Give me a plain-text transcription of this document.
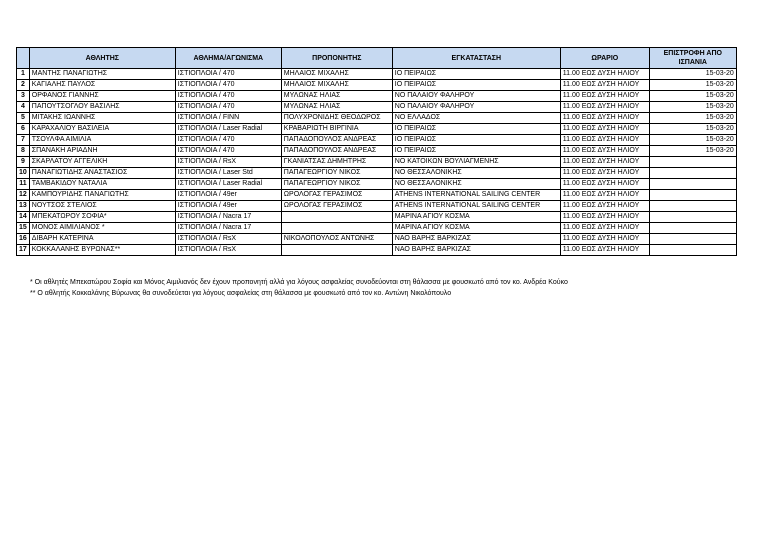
	ΑΘΛΗΤΗΣ	ΑΘΛΗΜΑ/ΑΓΩΝΙΣΜΑ	ΠΡΟΠΟΝΗΤΗΣ	ΕΓΚΑΤΑΣΤΑΣΗ	ΩΡΑΡΙΟ	ΕΠΙΣΤΡΟΦΗ ΑΠΟ
ΙΣΠΑΝΙΑ
1	ΜΑΝΤΗΣ ΠΑΝΑΓΙΩΤΗΣ	ΙΣΤΙΟΠΛΟΙΑ / 470	ΜΗΛΑΙΟΣ ΜΙΧΑΛΗΣ	ΙΟ ΠΕΙΡΑΙΩΣ	11.00 ΕΩΣ ΔΥΣΗ ΗΛΙΟΥ	15-03-20
2	ΚΑΓΙΑΛΗΣ ΠΑΥΛΟΣ	ΙΣΤΙΟΠΛΟΙΑ / 470	ΜΗΛΑΙΟΣ ΜΙΧΑΛΗΣ	ΙΟ ΠΕΙΡΑΙΩΣ	11.00 ΕΩΣ ΔΥΣΗ ΗΛΙΟΥ	15-03-20
3	ΟΡΦΑΝΟΣ ΓΙΑΝΝΗΣ	ΙΣΤΙΟΠΛΟΙΑ / 470	ΜΥΛΩΝΑΣ ΗΛΙΑΣ	ΝΟ ΠΑΛΑΙΟΥ ΦΑΛΗΡΟΥ	11.00 ΕΩΣ ΔΥΣΗ ΗΛΙΟΥ	15-03-20
4	ΠΑΠΟΥΤΣΟΓΛΟΥ ΒΑΣΙΛΗΣ	ΙΣΤΙΟΠΛΟΙΑ / 470	ΜΥΛΩΝΑΣ ΗΛΙΑΣ	ΝΟ ΠΑΛΑΙΟΥ ΦΑΛΗΡΟΥ	11.00 ΕΩΣ ΔΥΣΗ ΗΛΙΟΥ	15-03-20
5	ΜΙΤΑΚΗΣ ΙΩΑΝΝΗΣ	ΙΣΤΙΟΠΛΟΙΑ / FINN	ΠΟΛΥΧΡΟΝΙΔΗΣ ΘΕΟΔΩΡΟΣ	ΝΟ ΕΛΛΑΔΟΣ	11.00 ΕΩΣ ΔΥΣΗ ΗΛΙΟΥ	15-03-20
6	ΚΑΡΑΧΑΛΙΟΥ ΒΑΣΙΛΕΙΑ	ΙΣΤΙΟΠΛΟΙΑ / Laser Radial	ΚΡΑΒΑΡΙΩΤΗ ΒΙΡΓΙΝΙΑ	ΙΟ ΠΕΙΡΑΙΩΣ	11.00 ΕΩΣ ΔΥΣΗ ΗΛΙΟΥ	15-03-20
7	ΤΣΟΥΛΦΑ ΑΙΜΙΛΙΑ	ΙΣΤΙΟΠΛΟΙΑ / 470	ΠΑΠΑΔΟΠΟΥΛΟΣ ΑΝΔΡΕΑΣ	ΙΟ ΠΕΙΡΑΙΩΣ	11.00 ΕΩΣ ΔΥΣΗ ΗΛΙΟΥ	15-03-20
8	ΣΠΑΝΑΚΗ ΑΡΙΑΔΝΗ	ΙΣΤΙΟΠΛΟΙΑ / 470	ΠΑΠΑΔΟΠΟΥΛΟΣ ΑΝΔΡΕΑΣ	ΙΟ ΠΕΙΡΑΙΩΣ	11.00 ΕΩΣ ΔΥΣΗ ΗΛΙΟΥ	15-03-20
9	ΣΚΑΡΛΑΤΟΥ ΑΓΓΕΛΙΚΗ	ΙΣΤΙΟΠΛΟΙΑ / RsX	ΓΚΑΝΙΑΤΣΑΣ ΔΗΜΗΤΡΗΣ	ΝΟ ΚΑΤΟΙΚΩΝ ΒΟΥΛΙΑΓΜΕΝΗΣ	11.00 ΕΩΣ ΔΥΣΗ ΗΛΙΟΥ	
10	ΠΑΝΑΓΙΩΤΙΔΗΣ ΑΝΑΣΤΑΣΙΟΣ	ΙΣΤΙΟΠΛΟΙΑ / Laser Std	ΠΑΠΑΓΕΩΡΓΙΟΥ ΝΙΚΟΣ	ΝΟ ΘΕΣΣΑΛΟΝΙΚΗΣ	11.00 ΕΩΣ ΔΥΣΗ ΗΛΙΟΥ	
11	ΤΑΜΒΑΚΙΔΟΥ ΝΑΤΑΛΙΑ	ΙΣΤΙΟΠΛΟΙΑ / Laser Radial	ΠΑΠΑΓΕΩΡΓΙΟΥ ΝΙΚΟΣ	ΝΟ ΘΕΣΣΑΛΟΝΙΚΗΣ	11.00 ΕΩΣ ΔΥΣΗ ΗΛΙΟΥ	
12	ΚΑΜΠΟΥΡΙΔΗΣ ΠΑΝΑΓΙΩΤΗΣ	ΙΣΤΙΟΠΛΟΙΑ / 49er	ΩΡΟΛΟΓΑΣ ΓΕΡΑΣΙΜΟΣ	ATHENS INTERNATIONAL SAILING CENTER	11.00 ΕΩΣ ΔΥΣΗ ΗΛΙΟΥ	
13	ΝΟΥΤΣΟΣ ΣΤΕΛΙΟΣ	ΙΣΤΙΟΠΛΟΙΑ / 49er	ΩΡΟΛΟΓΑΣ ΓΕΡΑΣΙΜΟΣ	ATHENS INTERNATIONAL SAILING CENTER	11.00 ΕΩΣ ΔΥΣΗ ΗΛΙΟΥ	
14	ΜΠΕΚΑΤΩΡΟΥ ΣΟΦΙΑ*	ΙΣΤΙΟΠΛΟΙΑ / Nacra 17		ΜΑΡΙΝΑ ΑΓΙΟΥ ΚΟΣΜΑ	11.00 ΕΩΣ ΔΥΣΗ ΗΛΙΟΥ	
15	ΜΟΝΟΣ ΑΙΜΙΛΙΑΝΟΣ *	ΙΣΤΙΟΠΛΟΙΑ / Nacra 17		ΜΑΡΙΝΑ ΑΓΙΟΥ ΚΟΣΜΑ	11.00 ΕΩΣ ΔΥΣΗ ΗΛΙΟΥ	
16	ΔΙΒΑΡΗ ΚΑΤΕΡΙΝΑ	ΙΣΤΙΟΠΛΟΙΑ / RsX	ΝΙΚΟΛΟΠΟΥΛΟΣ ΑΝΤΩΝΗΣ	ΝΑΟ ΒΑΡΗΣ ΒΑΡΚΙΖΑΣ	11.00 ΕΩΣ ΔΥΣΗ ΗΛΙΟΥ	
17	ΚΟΚΚΑΛΑΝΗΣ ΒΥΡΩΝΑΣ**	ΙΣΤΙΟΠΛΟΙΑ / RsX		ΝΑΟ ΒΑΡΗΣ ΒΑΡΚΙΖΑΣ	11.00 ΕΩΣ ΔΥΣΗ ΗΛΙΟΥ	
* Οι αθλητές Μπεκατώρου Σοφία και Μόνος Αιμιλιανός δεν έχουν προπονητή αλλά για λόγους ασφαλείας συνοδεύονται στη θάλασσα με φουσκωτό από τον κο. Ανδρέα Κούκο
** Ο αθλητής Κοκκαλάνης Βύρωνας θα συνοδεύεται για λόγους ασφαλείας στη θάλασσα με φουσκωτό από τον κο. Αντώνη Νικολόπουλο
